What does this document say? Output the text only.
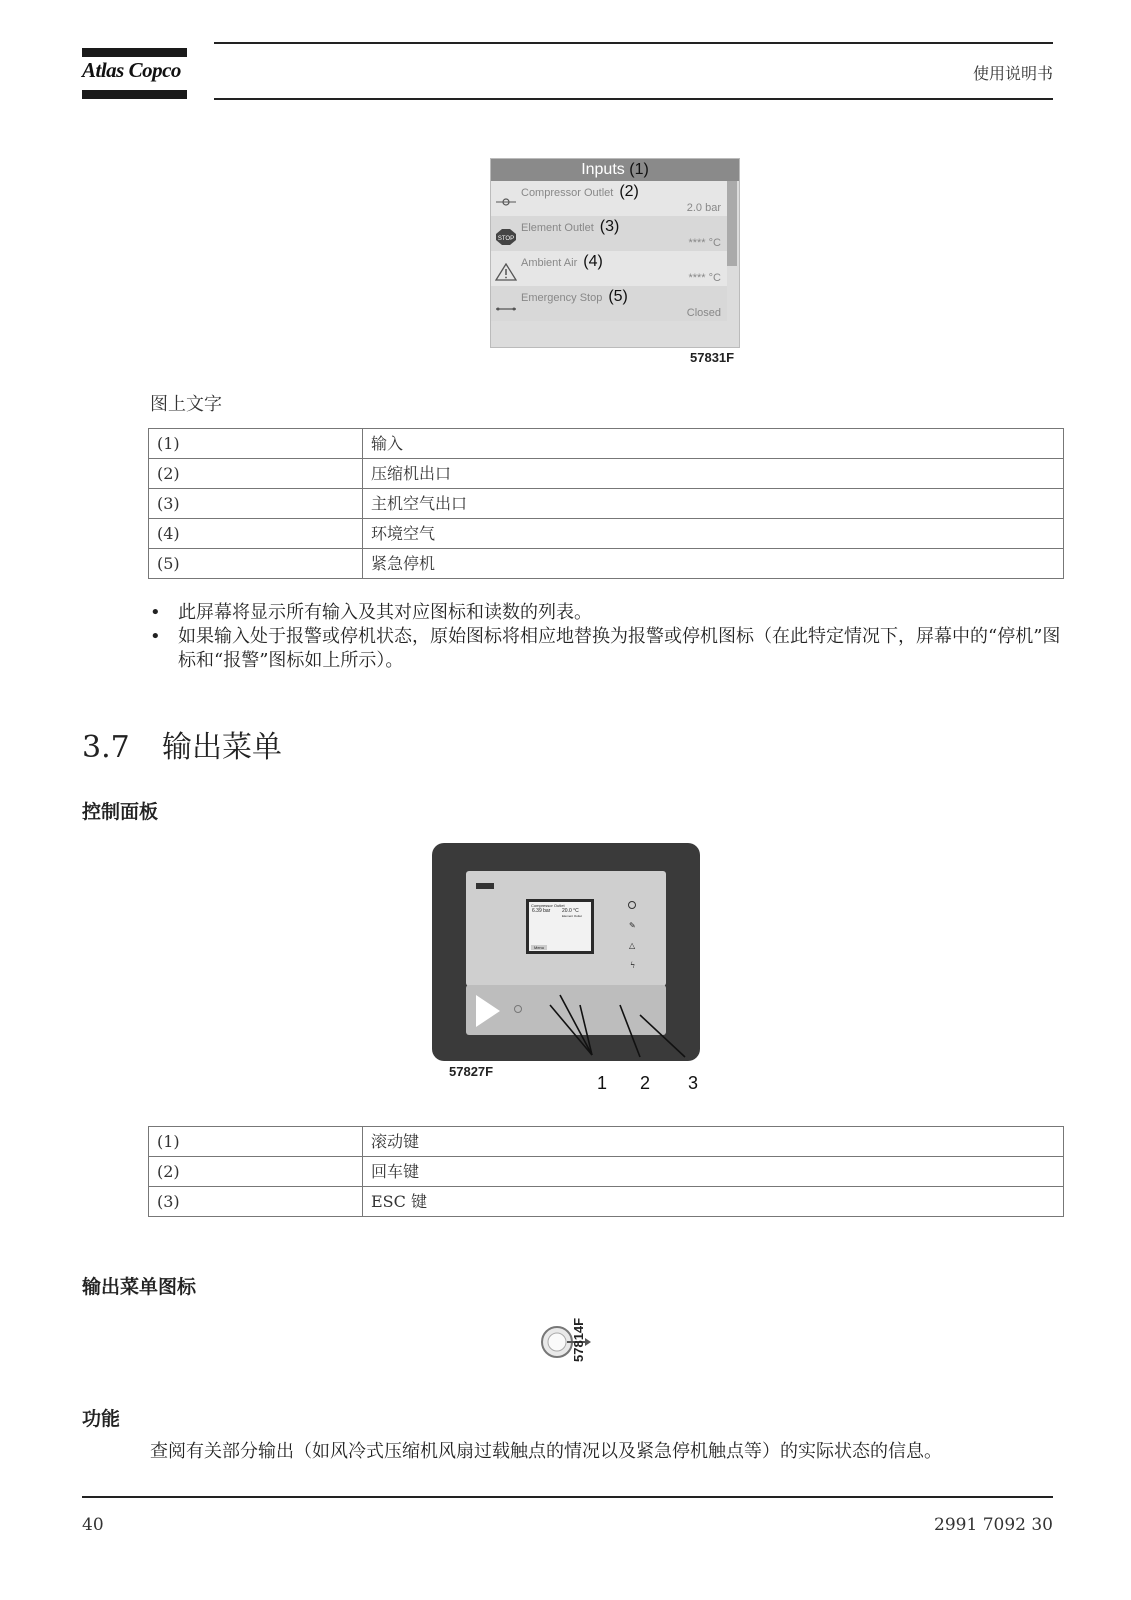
Atlas Copco	使用说明书
Inputs (1)
Compressor Outlet (2)
2.0 bar
STOP
Element Outlet (3)
**** °C
Ambient Air (4)
**** °C
Emergency Stop (5)
Closed
57831F
图上文字
(1)	输入
(2)	压缩机出口
(3)	主机空气出口
(4)	环境空气
(5)	紧急停机
• 此屏幕将显示所有输入及其对应图标和读数的列表。
• 如果输入处于报警或停机状态，原始图标将相应地替换为报警或停机图标（在此特定情况下，屏幕中的“停机”图标和“报警”图标如上所示）。
3.7 输出菜单
控制面板
Compressor Outlet
6.39 bar 20.0 °C
Element Outlet
Menu
✎
△
ϟ
57827F
1 2 3
(1)	滚动键
(2)	回车键
(3)	ESC 键
输出菜单图标
57814F
功能
查阅有关部分输出（如风冷式压缩机风扇过载触点的情况以及紧急停机触点等）的实际状态的信息。
40	2991 7092 30
